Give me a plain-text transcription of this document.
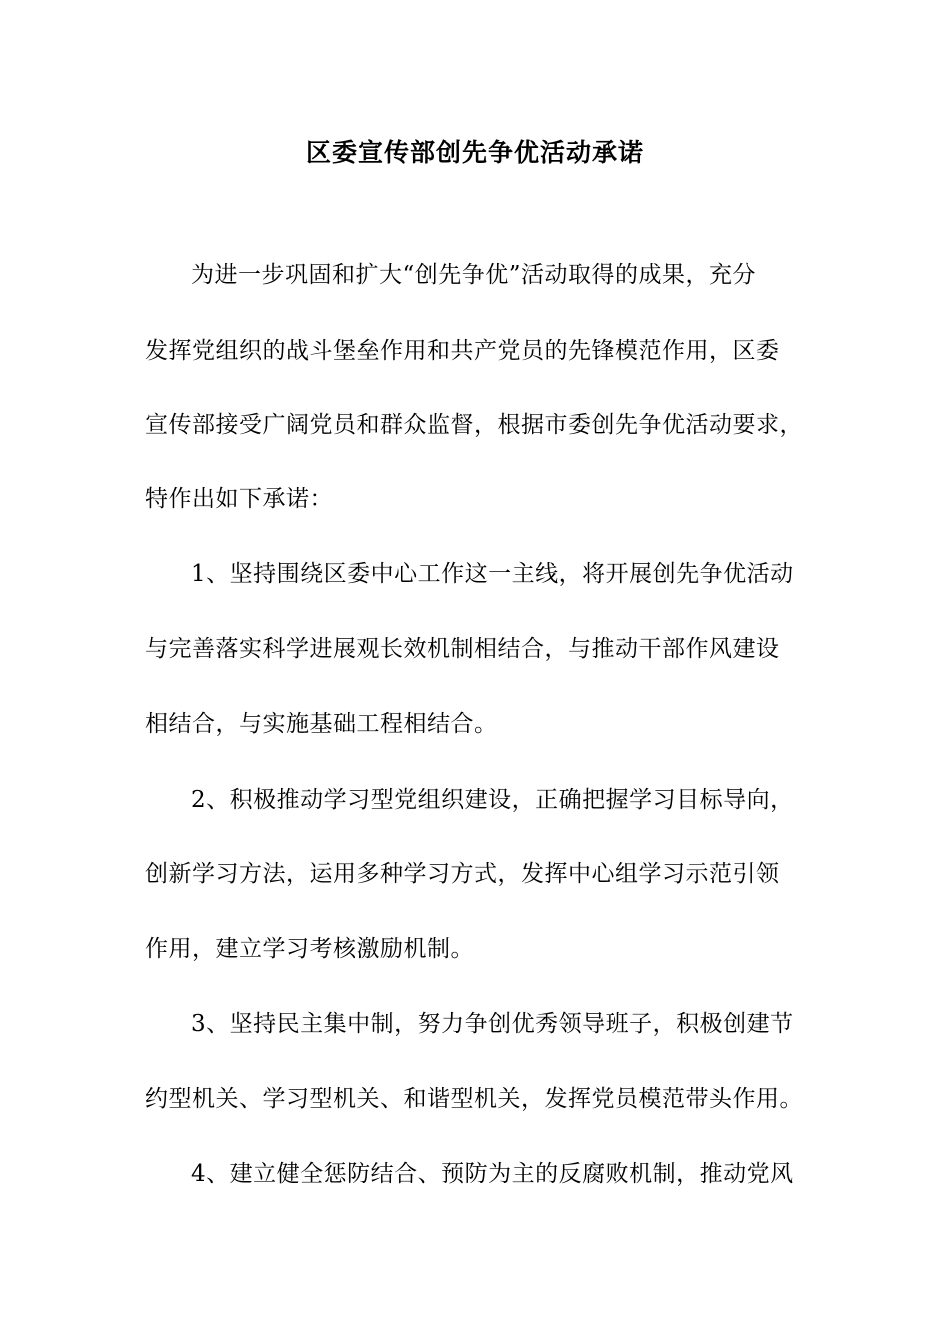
区委宣传部创先争优活动承诺
为进一步巩固和扩大“创先争优”活动取得的成果，充分
发挥党组织的战斗堡垒作用和共产党员的先锋模范作用，区委
宣传部接受广阔党员和群众监督，根据市委创先争优活动要求，
特作出如下承诺：
1、坚持围绕区委中心工作这一主线，将开展创先争优活动
与完善落实科学进展观长效机制相结合，与推动干部作风建设
相结合，与实施基础工程相结合。
2、积极推动学习型党组织建设，正确把握学习目标导向，
创新学习方法，运用多种学习方式，发挥中心组学习示范引领
作用，建立学习考核激励机制。
3、坚持民主集中制，努力争创优秀领导班子，积极创建节
约型机关、学习型机关、和谐型机关，发挥党员模范带头作用。
4、建立健全惩防结合、预防为主的反腐败机制，推动党风
